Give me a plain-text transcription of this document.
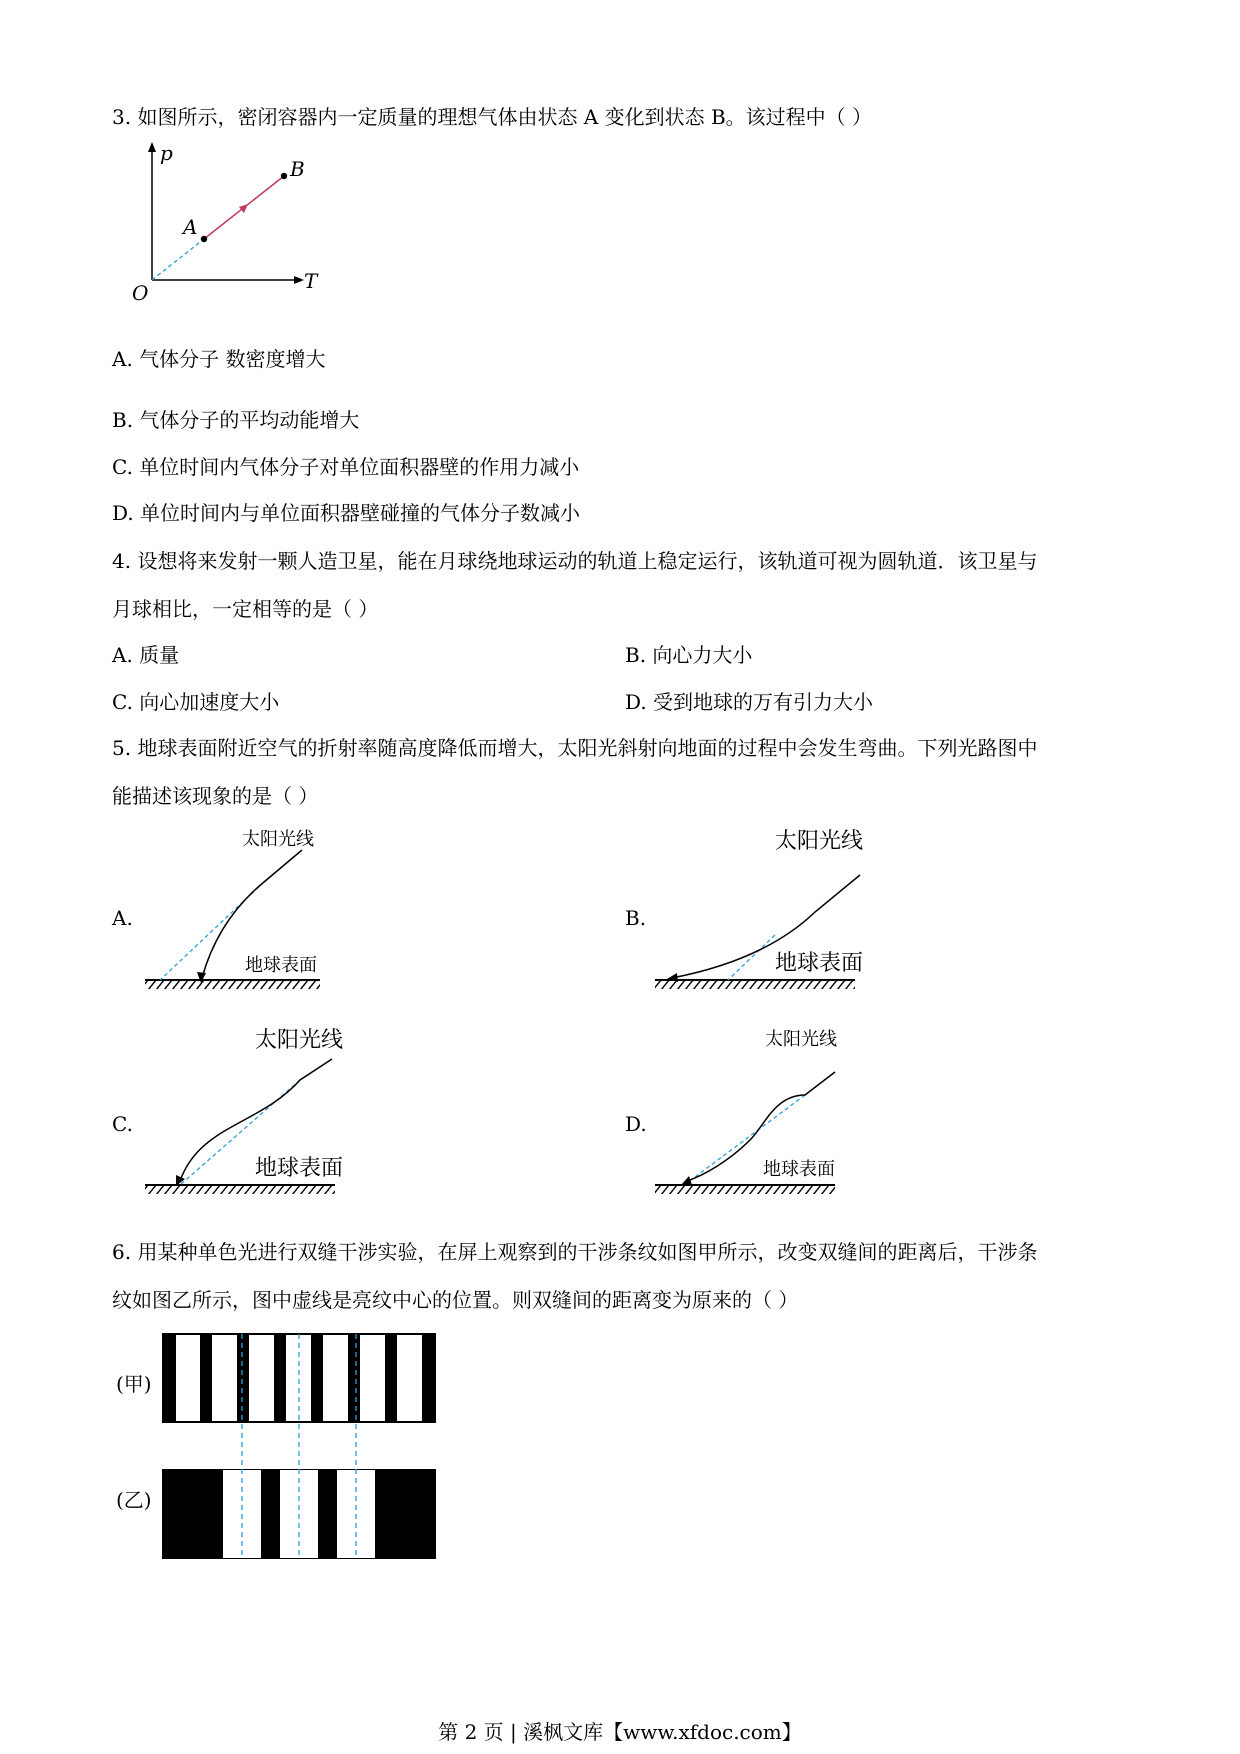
3. 如图所示，密闭容器内一定质量的理想气体由状态 A 变化到状态 B。该过程中（ ）
p
T
O
A
B
A. 气体分子 数密度增大
B. 气体分子的平均动能增大
C. 单位时间内气体分子对单位面积器壁的作用力减小
D. 单位时间内与单位面积器壁碰撞的气体分子数减小
4. 设想将来发射一颗人造卫星，能在月球绕地球运动的轨道上稳定运行，该轨道可视为圆轨道．该卫星与
月球相比，一定相等的是（ ）
A. 质量	B. 向心力大小
C. 向心加速度大小	D. 受到地球的万有引力大小
5. 地球表面附近空气的折射率随高度降低而增大，太阳光斜射向地面的过程中会发生弯曲。下列光路图中
能描述该现象的是（ ）
A.
太阳光线
地球表面
B.
太阳光线
地球表面
C.
太阳光线
地球表面
D.
太阳光线
地球表面
6. 用某种单色光进行双缝干涉实验，在屏上观察到的干涉条纹如图甲所示，改变双缝间的距离后，干涉条
纹如图乙所示，图中虚线是亮纹中心的位置。则双缝间的距离变为原来的（ ）
(甲)
(乙)
第 2 页 | 溪枫文库【www.xfdoc.com】
